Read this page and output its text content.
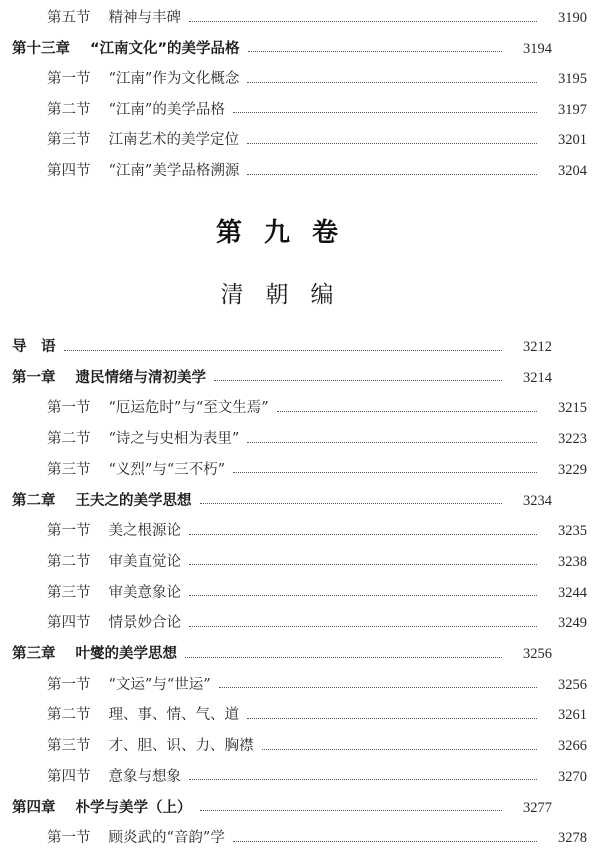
第五节 精神与丰碑	3190
第十三章 “江南文化”的美学品格	3194
第一节 “江南”作为文化概念	3195
第二节 “江南”的美学品格	3197
第三节 江南艺术的美学定位	3201
第四节 “江南”美学品格溯源	3204
第九卷
清朝编
导　语	3212
第一章 遗民情绪与清初美学	3214
第一节 “厄运危时”与“至文生焉”	3215
第二节 “诗之与史相为表里”	3223
第三节 “义烈”与“三不朽”	3229
第二章 王夫之的美学思想	3234
第一节 美之根源论	3235
第二节 审美直觉论	3238
第三节 审美意象论	3244
第四节 情景妙合论	3249
第三章 叶燮的美学思想	3256
第一节 “文运”与“世运”	3256
第二节 理、事、情、气、道	3261
第三节 才、胆、识、力、胸襟	3266
第四节 意象与想象	3270
第四章 朴学与美学（上）	3277
第一节 顾炎武的“音韵”学	3278
